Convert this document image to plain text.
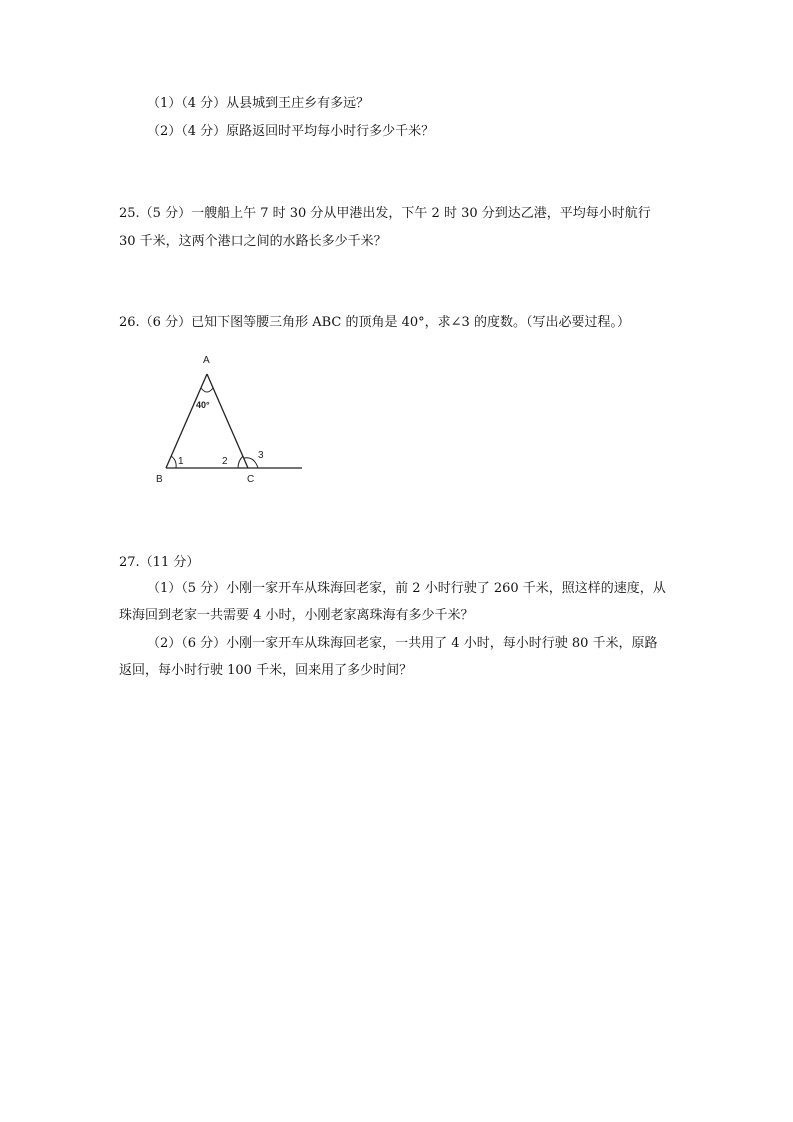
（1）（4 分）从县城到王庄乡有多远？

（2）（4 分）原路返回时平均每小时行多少千米？

25.（5 分）一艘船上午 7 时 30 分从甲港出发，下午 2 时 30 分到达乙港，平均每小时航行

30 千米，这两个港口之间的水路长多少千米？

26.（6 分）已知下图等腰三角形 ABC 的顶角是 40°，求∠3 的度数。（写出必要过程。）

A
B	C
40°
1	2
3

27.（11 分）

（1）（5 分）小刚一家开车从珠海回老家，前 2 小时行驶了 260 千米，照这样的速度，从

珠海回到老家一共需要 4 小时，小刚老家离珠海有多少千米？

（2）（6 分）小刚一家开车从珠海回老家，一共用了 4 小时，每小时行驶 80 千米，原路

返回，每小时行驶 100 千米，回来用了多少时间？
